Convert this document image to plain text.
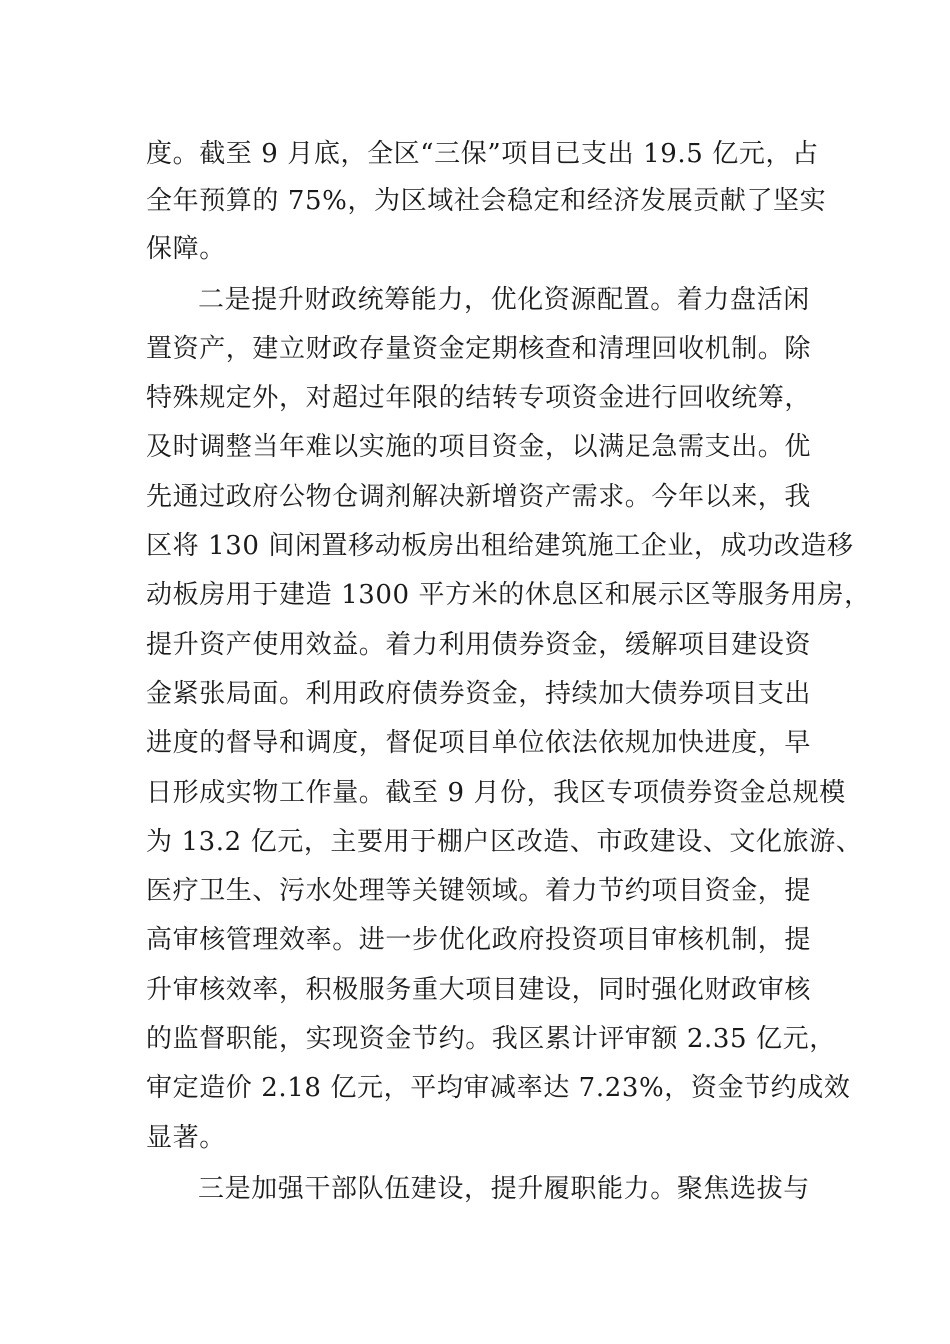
度。截至 9 月底，全区“三保”项目已支出 19.5 亿元，占
全年预算的 75%，为区域社会稳定和经济发展贡献了坚实
保障。
二是提升财政统筹能力，优化资源配置。着力盘活闲
置资产，建立财政存量资金定期核查和清理回收机制。除
特殊规定外，对超过年限的结转专项资金进行回收统筹，
及时调整当年难以实施的项目资金，以满足急需支出。优
先通过政府公物仓调剂解决新增资产需求。今年以来，我
区将 130 间闲置移动板房出租给建筑施工企业，成功改造移
动板房用于建造 1300 平方米的休息区和展示区等服务用房，
提升资产使用效益。着力利用债券资金，缓解项目建设资
金紧张局面。利用政府债券资金，持续加大债券项目支出
进度的督导和调度，督促项目单位依法依规加快进度，早
日形成实物工作量。截至 9 月份，我区专项债券资金总规模
为 13.2 亿元，主要用于棚户区改造、市政建设、文化旅游、
医疗卫生、污水处理等关键领域。着力节约项目资金，提
高审核管理效率。进一步优化政府投资项目审核机制，提
升审核效率，积极服务重大项目建设，同时强化财政审核
的监督职能，实现资金节约。我区累计评审额 2.35 亿元，
审定造价 2.18 亿元，平均审减率达 7.23%，资金节约成效
显著。
三是加强干部队伍建设，提升履职能力。聚焦选拔与
